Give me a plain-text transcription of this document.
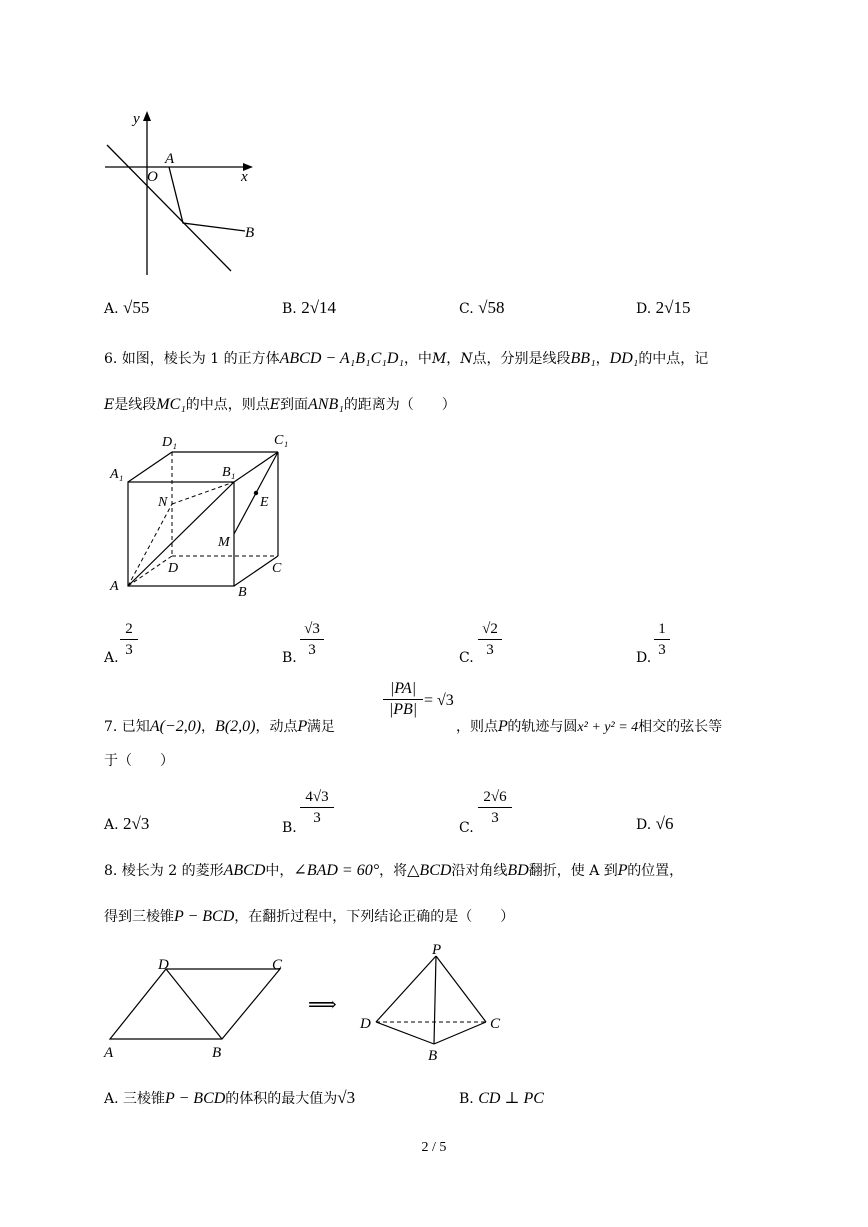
y
x
O
A
B
A. √55	B. 2√14	C. √58	D. 2√15
6. 如图，棱长为 1 的正方体ABCD − A₁B₁C₁D₁，中M，N点，分别是线段BB₁，DD₁的中点，记
E是线段MC₁的中点，则点E到面ANB₁的距离为（　　）
D₁	C₁
A₁	B₁
N	E
M
D	C
A	B
A.
2
3	B.
√3
3	C.
√2
3	D.
1
3
7. 已知A(−2,0)，B(2,0)，动点P满足
|PA|
|PB|
= √3
，则点P的轨迹与圆x² + y² = 4相交的弦长等
于（　　）
A. 2√3	B.
4√3
3
C.
2√6
3	D. √6
8. 棱长为 2 的菱形ABCD中，∠BAD = 60°，将△BCD沿对角线BD翻折，使 A 到P的位置，
得到三棱锥P − BCD，在翻折过程中，下列结论正确的是（　　）
D	C
A	B
⟹
P
D	C
B
A. 三棱锥P − BCD的体积的最大值为√3	B. CD ⊥ PC
2 / 5
